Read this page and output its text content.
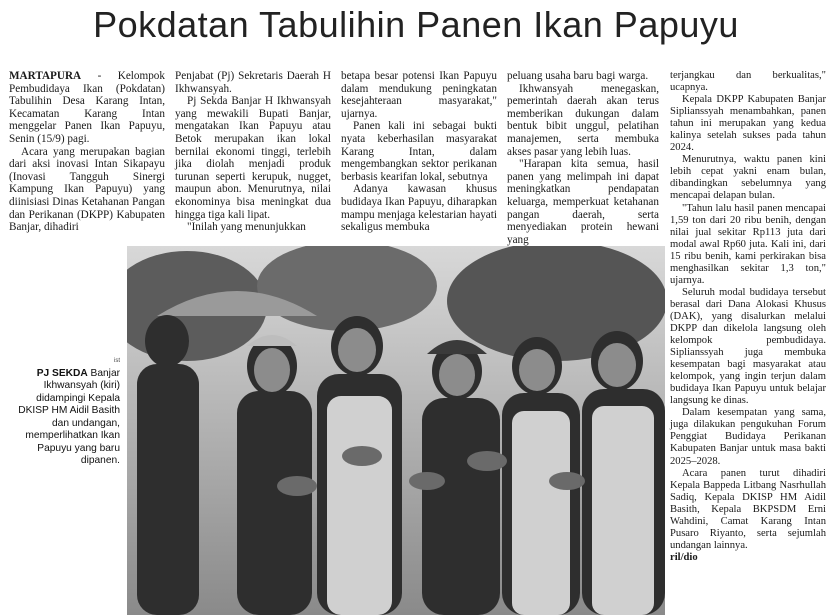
Pokdatan Tabulihin Panen Ikan Papuyu

MARTAPURA - Kelompok Pembudidaya Ikan (Pokdatan) Tabulihin Desa Karang Intan, Kecamatan Karang Intan menggelar Panen Ikan Papuyu, Senin (15/9) pagi.

Acara yang merupakan bagian dari aksi inovasi Intan Sikapayu (Inovasi Tangguh Sinergi Kampung Ikan Papuyu) yang diinisiasi Dinas Ketahanan Pangan dan Perikanan (DKPP) Kabupaten Banjar, dihadiri

Penjabat (Pj) Sekretaris Daerah H Ikhwansyah.

Pj Sekda Banjar H Ikhwansyah yang mewakili Bupati Banjar, mengatakan Ikan Papuyu atau Betok merupakan ikan lokal bernilai ekonomi tinggi, terlebih jika diolah menjadi produk turunan seperti kerupuk, nugget, maupun abon. Menurutnya, nilai ekonominya bisa meningkat dua hingga tiga kali lipat.

"Inilah yang menunjukkan

betapa besar potensi Ikan Papuyu dalam mendukung peningkatan kesejahteraan masyarakat," ujarnya.

Panen kali ini sebagai bukti nyata keberhasilan masyarakat Karang Intan, dalam mengembangkan sektor perikanan berbasis kearifan lokal, sebutnya

Adanya kawasan khusus budidaya Ikan Papuyu, diharapkan mampu menjaga kelestarian hayati sekaligus membuka

peluang usaha baru bagi warga.

Ikhwansyah menegaskan, pemerintah daerah akan terus memberikan dukungan dalam bentuk bibit unggul, pelatihan manajemen, serta membuka akses pasar yang lebih luas.

"Harapan kita semua, hasil panen yang melimpah ini dapat meningkatkan pendapatan keluarga, memperkuat ketahanan pangan daerah, serta menyediakan protein hewani yang

terjangkau dan berkualitas," ucapnya.

Kepala DKPP Kabupaten Banjar Siplianssyah menambahkan, panen tahun ini merupakan yang kedua kalinya setelah sukses pada tahun 2024.

Menurutnya, waktu panen kini lebih cepat yakni enam bulan, dibandingkan sebelumnya yang mencapai delapan bulan.

"Tahun lalu hasil panen mencapai 1,59 ton dari 20 ribu benih, dengan nilai jual sekitar Rp113 juta dari modal awal Rp60 juta. Kali ini, dari 15 ribu benih, kami perkirakan bisa menghasilkan sekitar 1,3 ton," ujarnya.

Seluruh modal budidaya tersebut berasal dari Dana Alokasi Khusus (DAK), yang disalurkan melalui DKPP dan dikelola langsung oleh kelompok pembudidaya. Siplianssyah juga membuka kesempatan bagi masyarakat atau kelompok, yang ingin terjun dalam budidaya Ikan Papuyu untuk belajar langsung ke dinas.

Dalam kesempatan yang sama, juga dilakukan pengukuhan Forum Penggiat Budidaya Perikanan Kabupaten Banjar untuk masa bakti 2025–2028.

Acara panen turut dihadiri Kepala Bappeda Litbang Nasrhullah Sadiq, Kepala DKISP HM Aidil Basith, Kepala BKPSDM Erni Wahdini, Camat Karang Intan Pusaro Riyanto, serta sejumlah undangan lainnya.

ril/dio

ist
PJ SEKDA Banjar Ikhwansyah (kiri) didampingi Kepala DKISP HM Aidil Basith dan undangan, memperlihatkan Ikan Papuyu yang baru dipanen.
